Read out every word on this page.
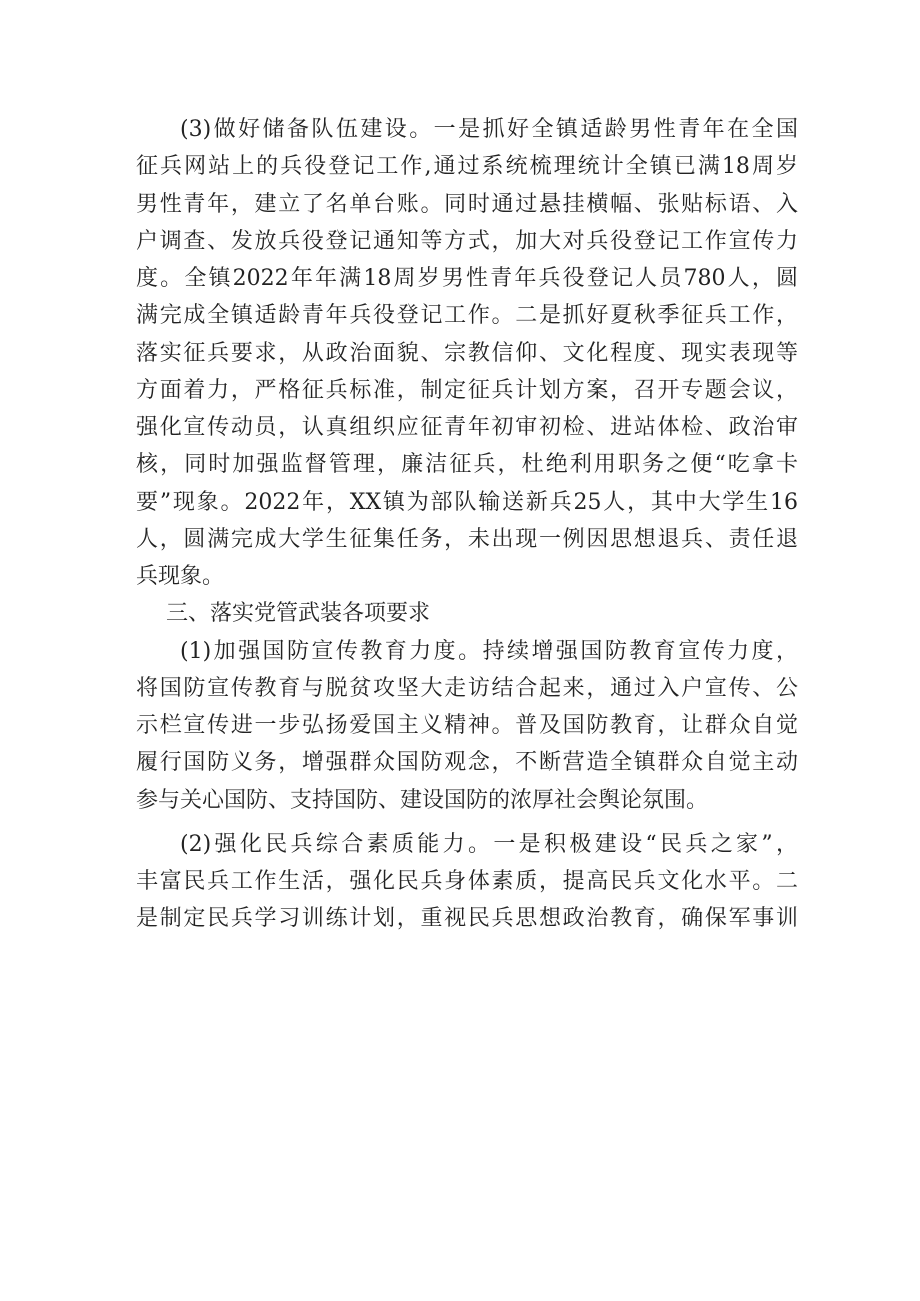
(3)做好储备队伍建设。一是抓好全镇适龄男性青年在全国
征兵网站上的兵役登记工作,通过系统梳理统计全镇已满18周岁
男性青年，建立了名单台账。同时通过悬挂横幅、张贴标语、入
户调查、发放兵役登记通知等方式，加大对兵役登记工作宣传力
度。全镇2022年年满18周岁男性青年兵役登记人员780人，圆
满完成全镇适龄青年兵役登记工作。二是抓好夏秋季征兵工作，
落实征兵要求，从政治面貌、宗教信仰、文化程度、现实表现等
方面着力，严格征兵标准，制定征兵计划方案，召开专题会议，
强化宣传动员，认真组织应征青年初审初检、进站体检、政治审
核，同时加强监督管理，廉洁征兵，杜绝利用职务之便“吃拿卡
要”现象。2022年，XX镇为部队输送新兵25人，其中大学生16
人，圆满完成大学生征集任务，未出现一例因思想退兵、责任退
兵现象。
三、落实党管武装各项要求
(1)加强国防宣传教育力度。持续增强国防教育宣传力度，
将国防宣传教育与脱贫攻坚大走访结合起来，通过入户宣传、公
示栏宣传进一步弘扬爱国主义精神。普及国防教育，让群众自觉
履行国防义务，增强群众国防观念，不断营造全镇群众自觉主动
参与关心国防、支持国防、建设国防的浓厚社会舆论氛围。
(2)强化民兵综合素质能力。一是积极建设“民兵之家”，
丰富民兵工作生活，强化民兵身体素质，提高民兵文化水平。二
是制定民兵学习训练计划，重视民兵思想政治教育，确保军事训
